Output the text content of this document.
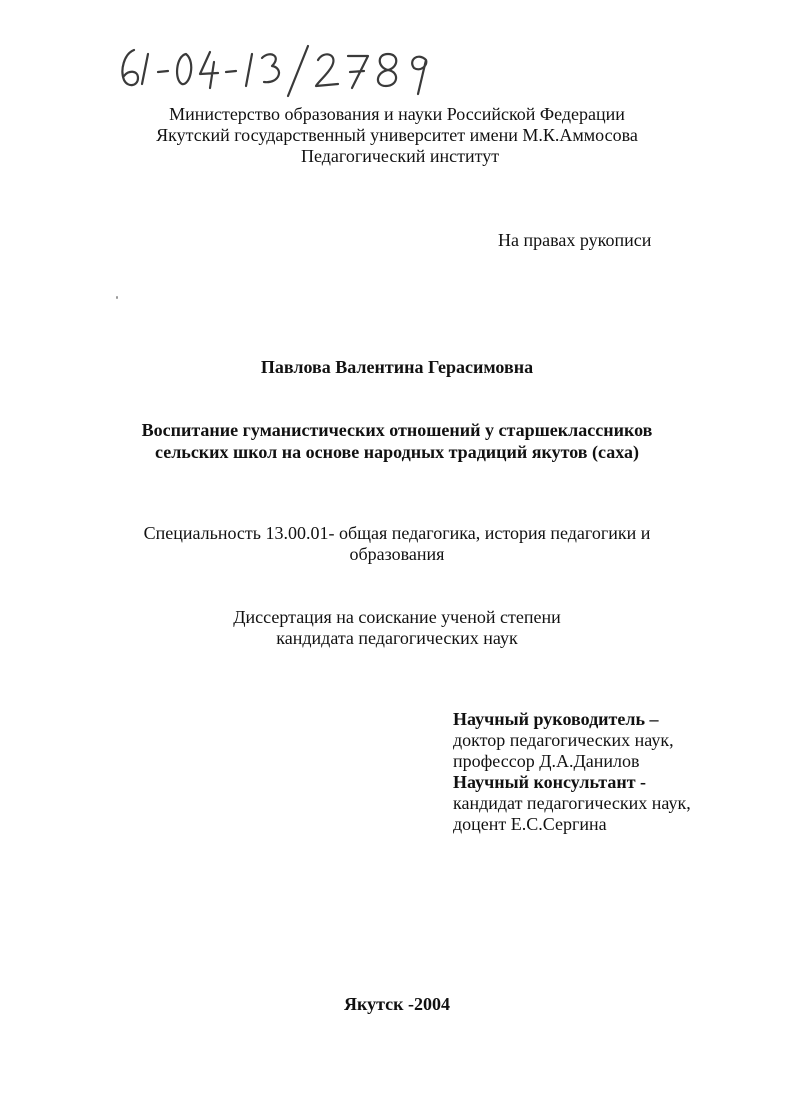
Министерство образования и науки Российской Федерации
Якутский государственный университет имени М.К.Аммосова
Педагогический институт
На правах рукописи
Павлова Валентина Герасимовна
Воспитание гуманистических отношений у старшеклассников
сельских школ на основе народных традиций якутов (саха)
Специальность 13.00.01- общая педагогика, история педагогики и
образования
Диссертация на соискание ученой степени
кандидата педагогических наук
Научный руководитель –
доктор педагогических наук,
профессор Д.А.Данилов
Научный консультант -
кандидат педагогических наук,
доцент Е.С.Сергина
Якутск -2004
